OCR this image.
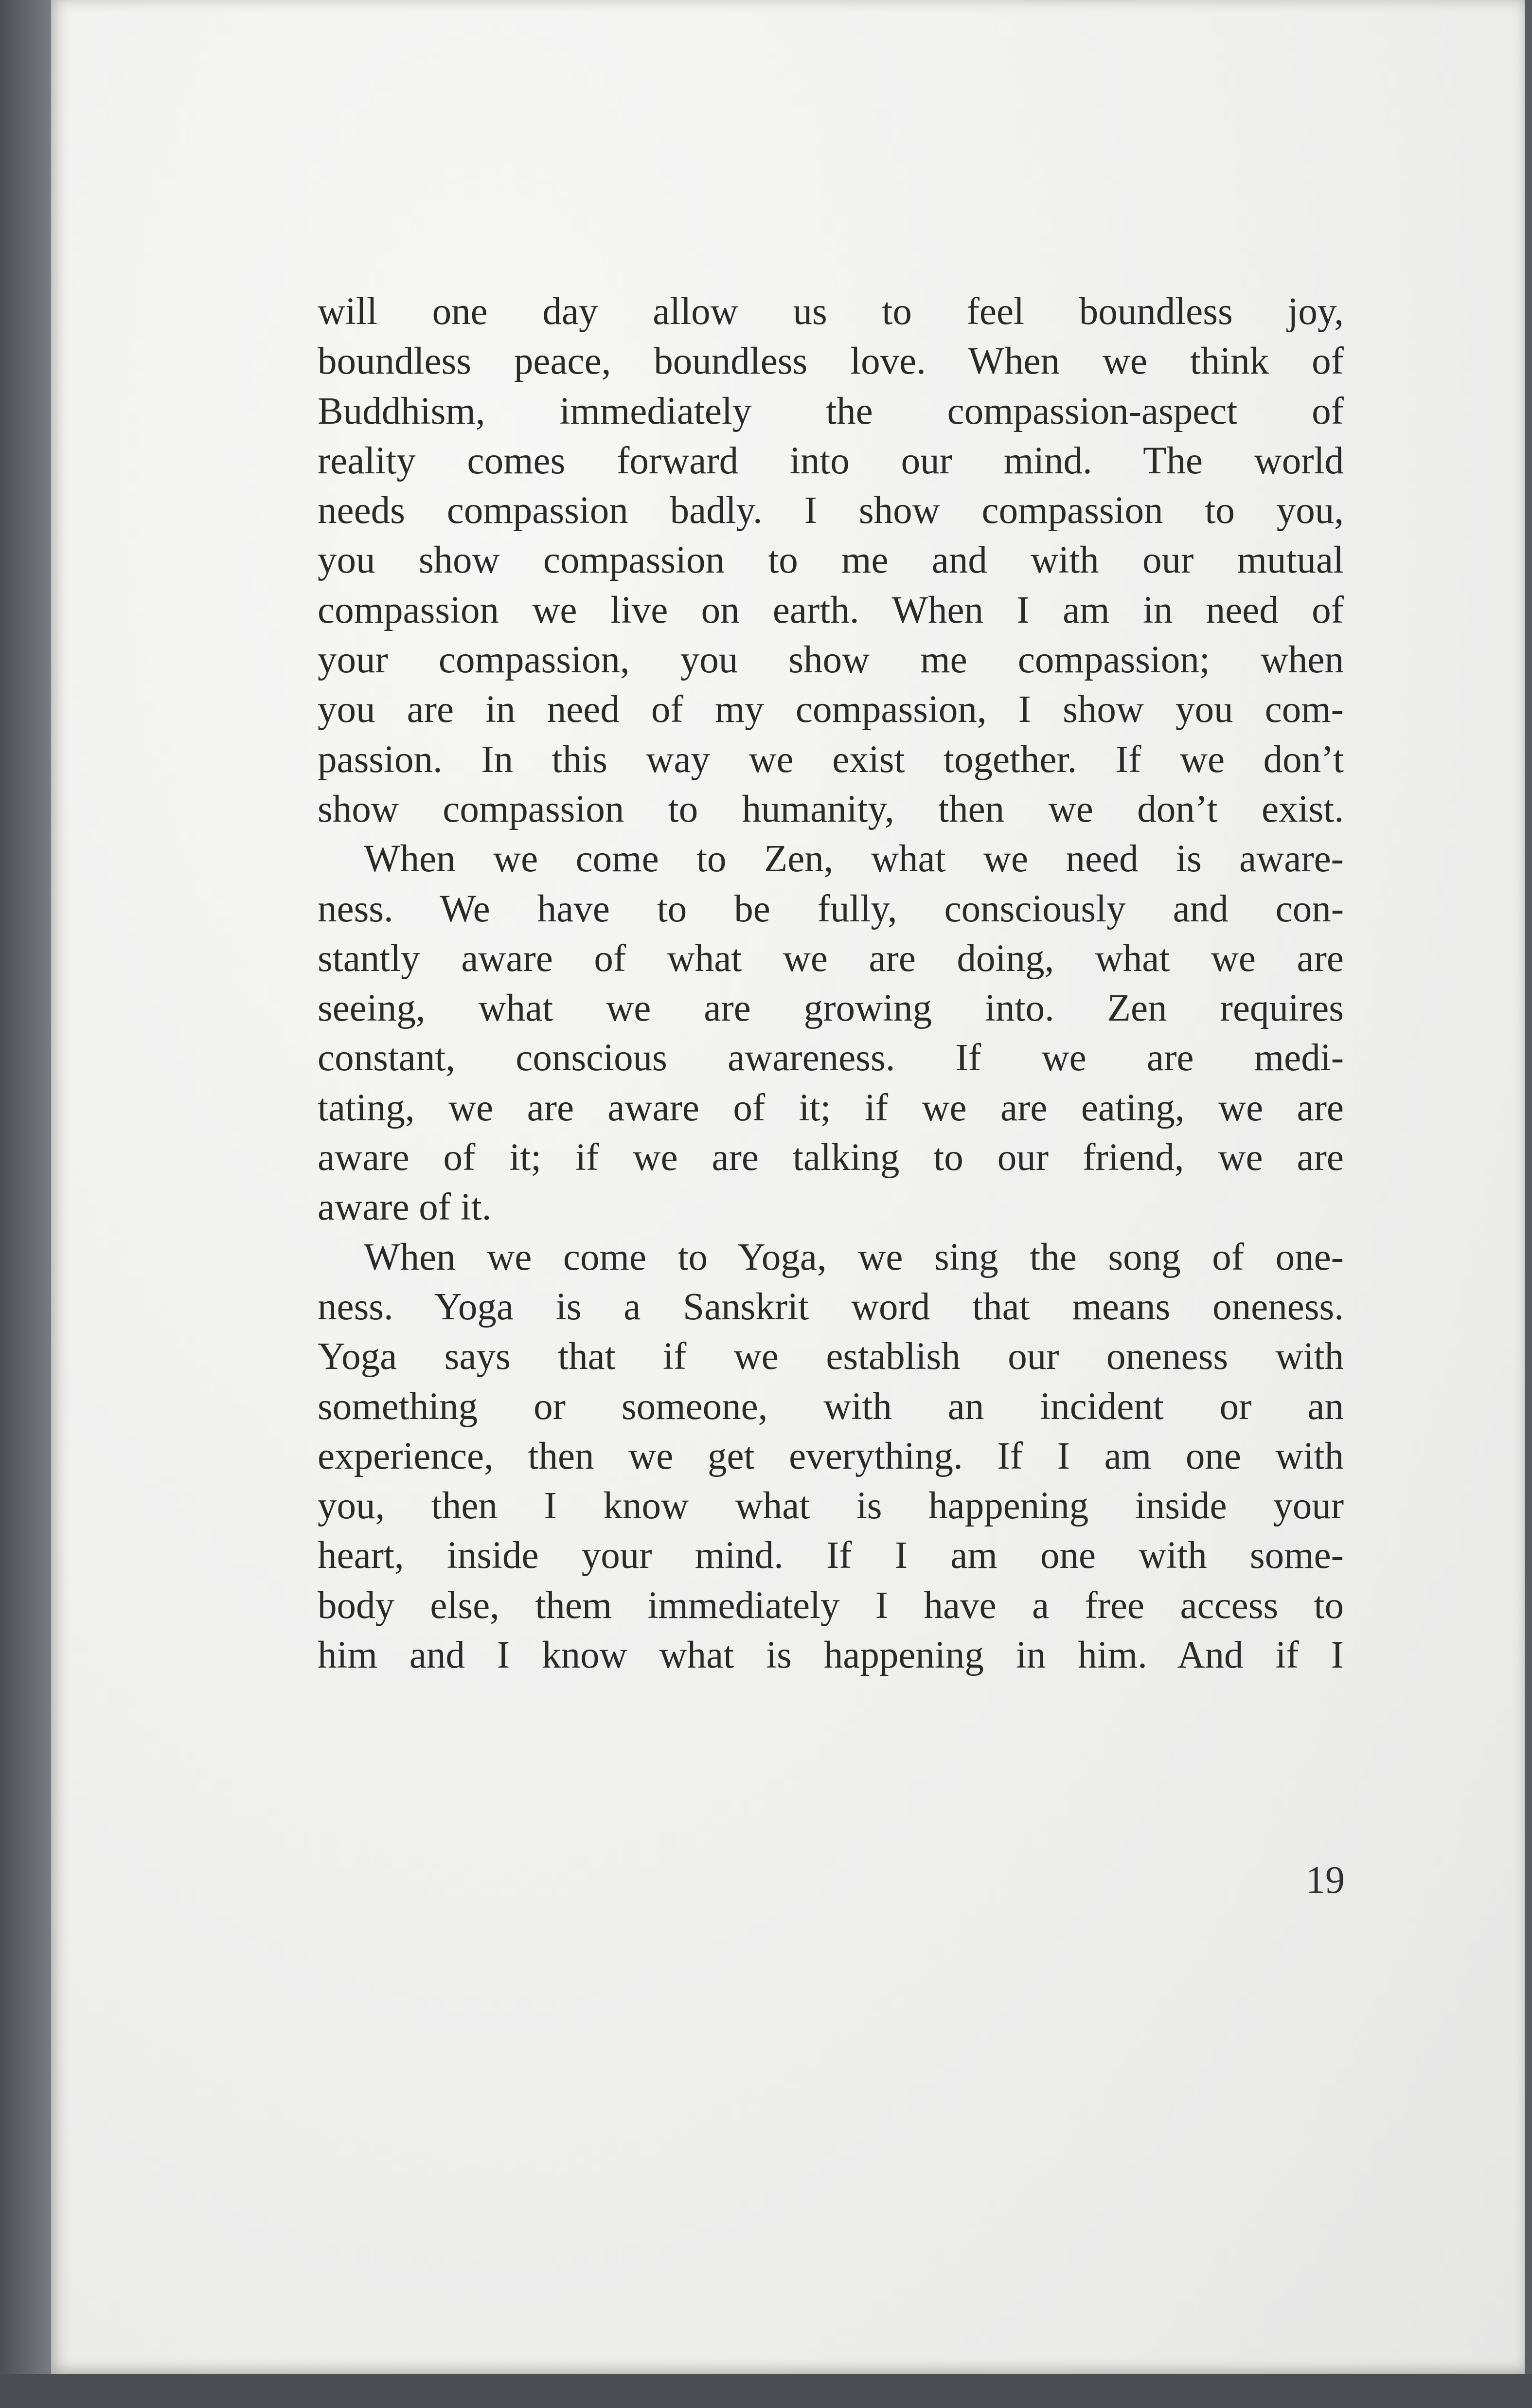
will one day allow us to feel boundless joy,
boundless peace, boundless love. When we think of
Buddhism, immediately the compassion-aspect of
reality comes forward into our mind. The world
needs compassion badly. I show compassion to you,
you show compassion to me and with our mutual
compassion we live on earth. When I am in need of
your compassion, you show me compassion; when
you are in need of my compassion, I show you com-
passion. In this way we exist together. If we don’t
show compassion to humanity, then we don’t exist.
When we come to Zen, what we need is aware-
ness. We have to be fully, consciously and con-
stantly aware of what we are doing, what we are
seeing, what we are growing into. Zen requires
constant, conscious awareness. If we are medi-
tating, we are aware of it; if we are eating, we are
aware of it; if we are talking to our friend, we are
aware of it.
When we come to Yoga, we sing the song of one-
ness. Yoga is a Sanskrit word that means oneness.
Yoga says that if we establish our oneness with
something or someone, with an incident or an
experience, then we get everything. If I am one with
you, then I know what is happening inside your
heart, inside your mind. If I am one with some-
body else, them immediately I have a free access to
him and I know what is happening in him. And if I
19
